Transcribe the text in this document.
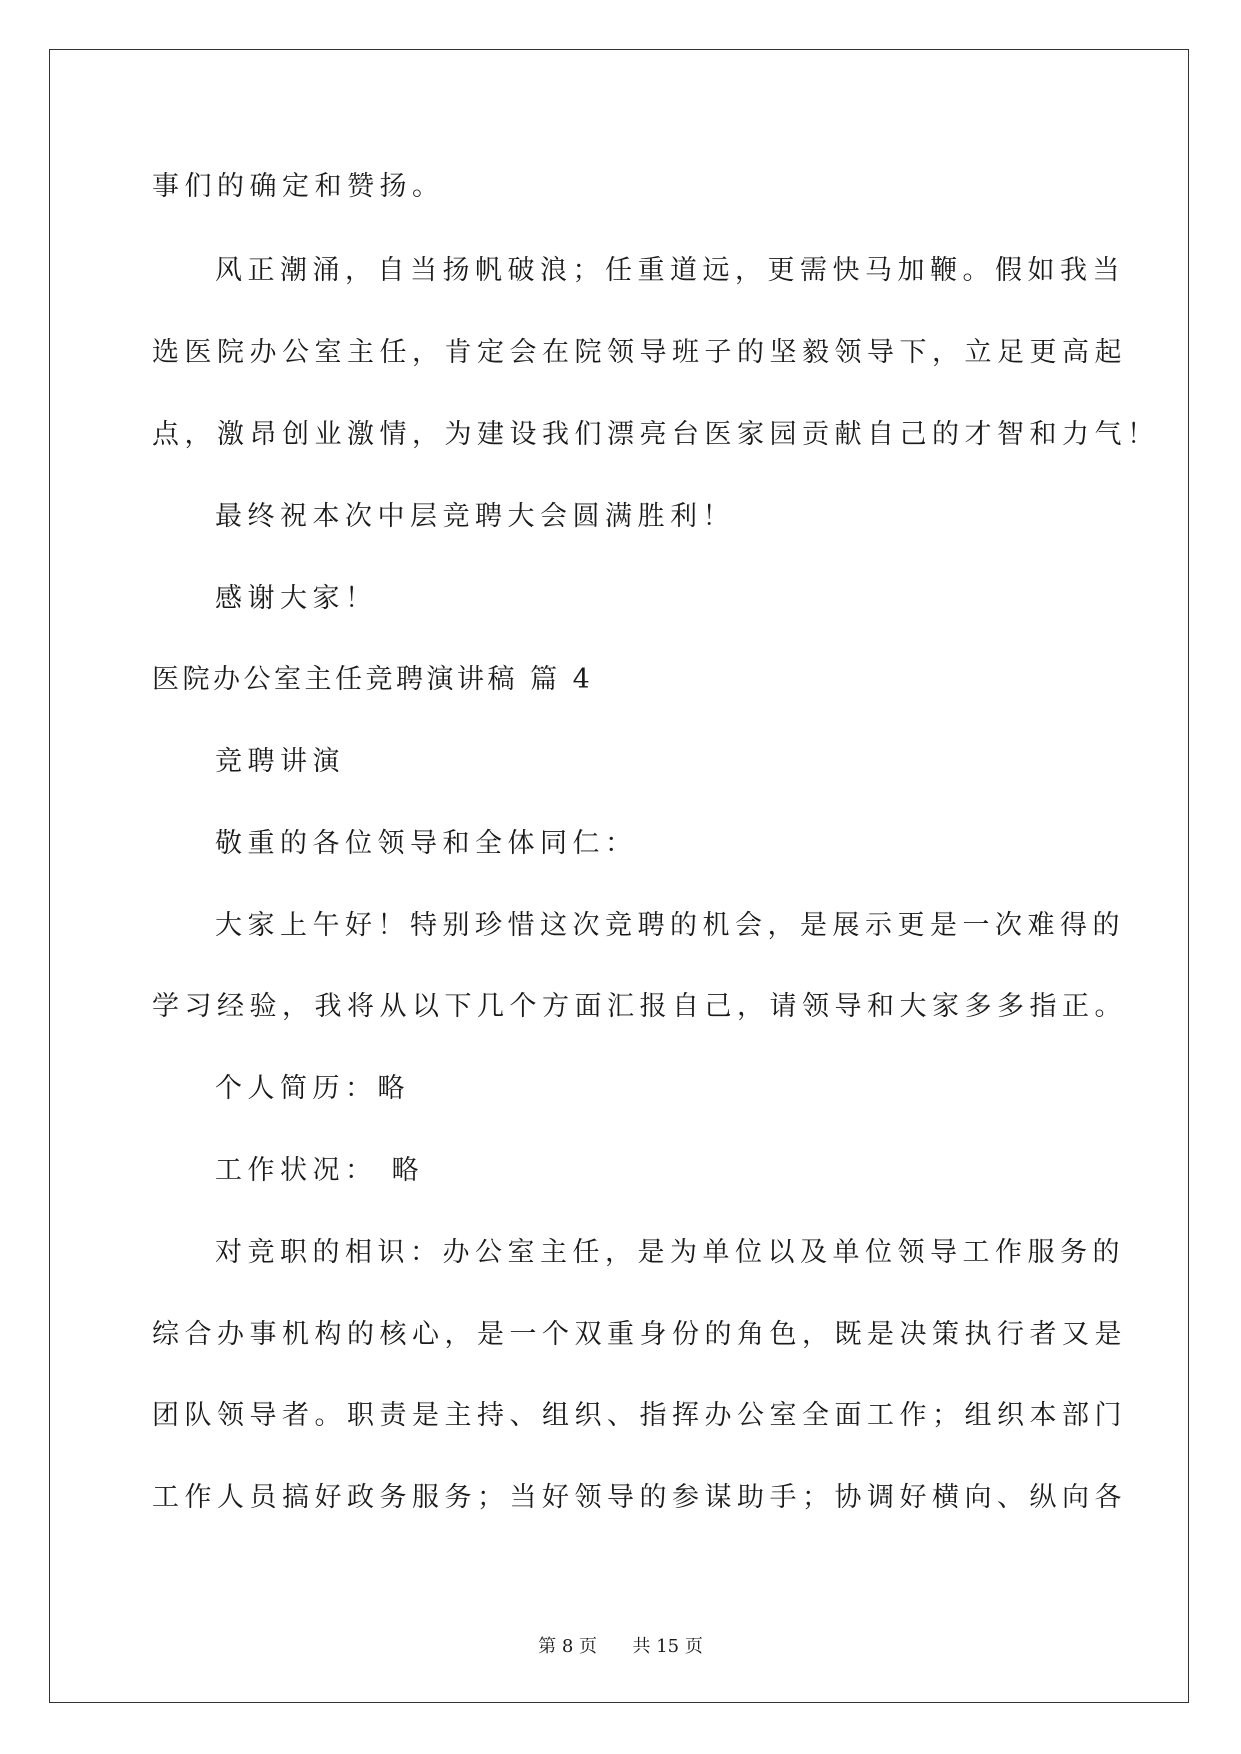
事们的确定和赞扬。

风正潮涌，自当扬帆破浪；任重道远，更需快马加鞭。假如我当

选医院办公室主任，肯定会在院领导班子的坚毅领导下，立足更高起

点，激昂创业激情，为建设我们漂亮台医家园贡献自己的才智和力气！

最终祝本次中层竞聘大会圆满胜利！

感谢大家！

医院办公室主任竞聘演讲稿 篇 4

竞聘讲演

敬重的各位领导和全体同仁：

大家上午好！特别珍惜这次竞聘的机会，是展示更是一次难得的

学习经验，我将从以下几个方面汇报自己，请领导和大家多多指正。

个人简历：略

工作状况： 略

对竞职的相识：办公室主任，是为单位以及单位领导工作服务的

综合办事机构的核心，是一个双重身份的角色，既是决策执行者又是

团队领导者。职责是主持、组织、指挥办公室全面工作；组织本部门

工作人员搞好政务服务；当好领导的参谋助手；协调好横向、纵向各

第 8 页 共 15 页
